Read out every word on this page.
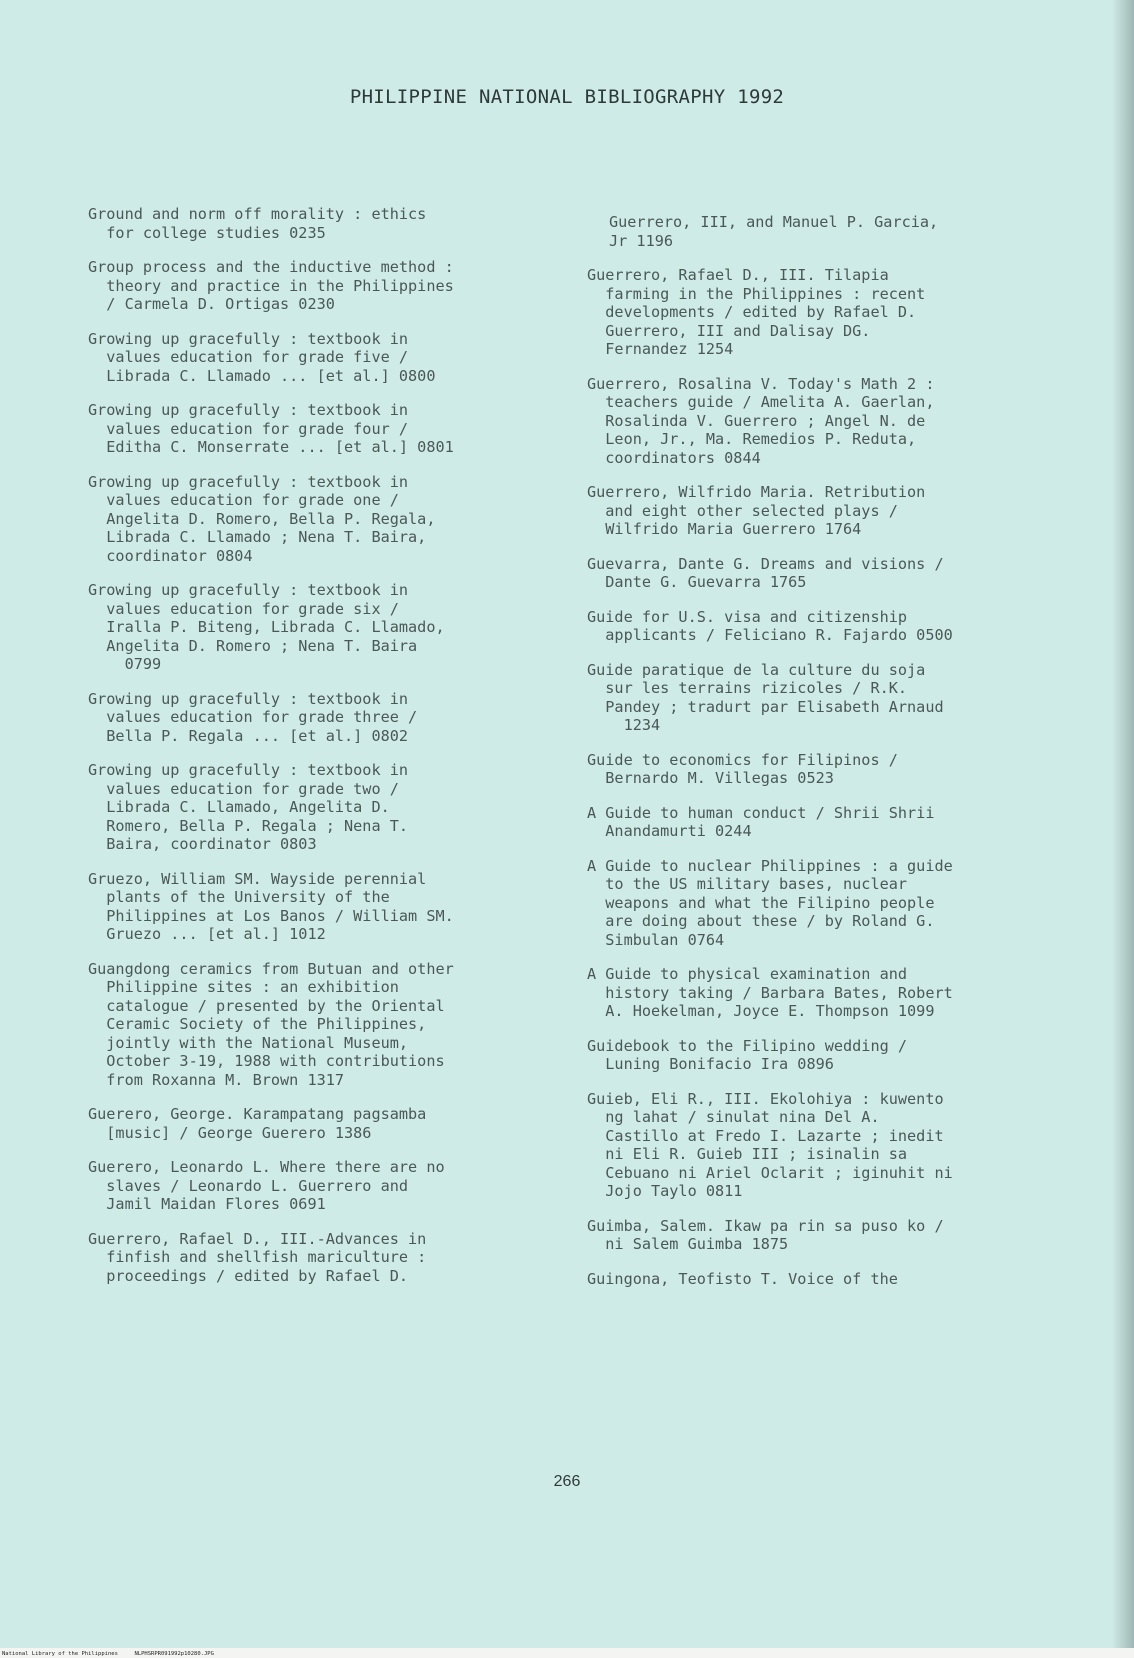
PHILIPPINE NATIONAL BIBLIOGRAPHY 1992

Ground and norm off morality : ethics
for college studies 0235

Group process and the inductive method :
theory and practice in the Philippines
/ Carmela D. Ortigas 0230

Growing up gracefully : textbook in
values education for grade five /
Librada C. Llamado ... [et al.] 0800

Growing up gracefully : textbook in
values education for grade four /
Editha C. Monserrate ... [et al.] 0801

Growing up gracefully : textbook in
values education for grade one /
Angelita D. Romero, Bella P. Regala,
Librada C. Llamado ; Nena T. Baira,
coordinator 0804

Growing up gracefully : textbook in
values education for grade six /
Iralla P. Biteng, Librada C. Llamado,
Angelita D. Romero ; Nena T. Baira
0799

Growing up gracefully : textbook in
values education for grade three /
Bella P. Regala ... [et al.] 0802

Growing up gracefully : textbook in
values education for grade two /
Librada C. Llamado, Angelita D.
Romero, Bella P. Regala ; Nena T.
Baira, coordinator 0803

Gruezo, William SM. Wayside perennial
plants of the University of the
Philippines at Los Banos / William SM.
Gruezo ... [et al.] 1012

Guangdong ceramics from Butuan and other
Philippine sites : an exhibition
catalogue / presented by the Oriental
Ceramic Society of the Philippines,
jointly with the National Museum,
October 3-19, 1988 with contributions
from Roxanna M. Brown 1317

Guerero, George. Karampatang pagsamba
[music] / George Guerero 1386

Guerero, Leonardo L. Where there are no
slaves / Leonardo L. Guerrero and
Jamil Maidan Flores 0691

Guerrero, Rafael D., III.-Advances in
finfish and shellfish mariculture :
proceedings / edited by Rafael D.

Guerrero, III, and Manuel P. Garcia,
Jr 1196

Guerrero, Rafael D., III. Tilapia
farming in the Philippines : recent
developments / edited by Rafael D.
Guerrero, III and Dalisay DG.
Fernandez 1254

Guerrero, Rosalina V. Today's Math 2 :
teachers guide / Amelita A. Gaerlan,
Rosalinda V. Guerrero ; Angel N. de
Leon, Jr., Ma. Remedios P. Reduta,
coordinators 0844

Guerrero, Wilfrido Maria. Retribution
and eight other selected plays /
Wilfrido Maria Guerrero 1764

Guevarra, Dante G. Dreams and visions /
Dante G. Guevarra 1765

Guide for U.S. visa and citizenship
applicants / Feliciano R. Fajardo 0500

Guide paratique de la culture du soja
sur les terrains rizicoles / R.K.
Pandey ; tradurt par Elisabeth Arnaud
1234

Guide to economics for Filipinos /
Bernardo M. Villegas 0523

A Guide to human conduct / Shrii Shrii
Anandamurti 0244

A Guide to nuclear Philippines : a guide
to the US military bases, nuclear
weapons and what the Filipino people
are doing about these / by Roland G.
Simbulan 0764

A Guide to physical examination and
history taking / Barbara Bates, Robert
A. Hoekelman, Joyce E. Thompson 1099

Guidebook to the Filipino wedding /
Luning Bonifacio Ira 0896

Guieb, Eli R., III. Ekolohiya : kuwento
ng lahat / sinulat nina Del A.
Castillo at Fredo I. Lazarte ; inedit
ni Eli R. Guieb III ; isinalin sa
Cebuano ni Ariel Oclarit ; iginuhit ni
Jojo Taylo 0811

Guimba, Salem. Ikaw pa rin sa puso ko /
ni Salem Guimba 1875

Guingona, Teofisto T. Voice of the

266
National Library of the Philippines     NLPHSRPR091992p10280.JPG
